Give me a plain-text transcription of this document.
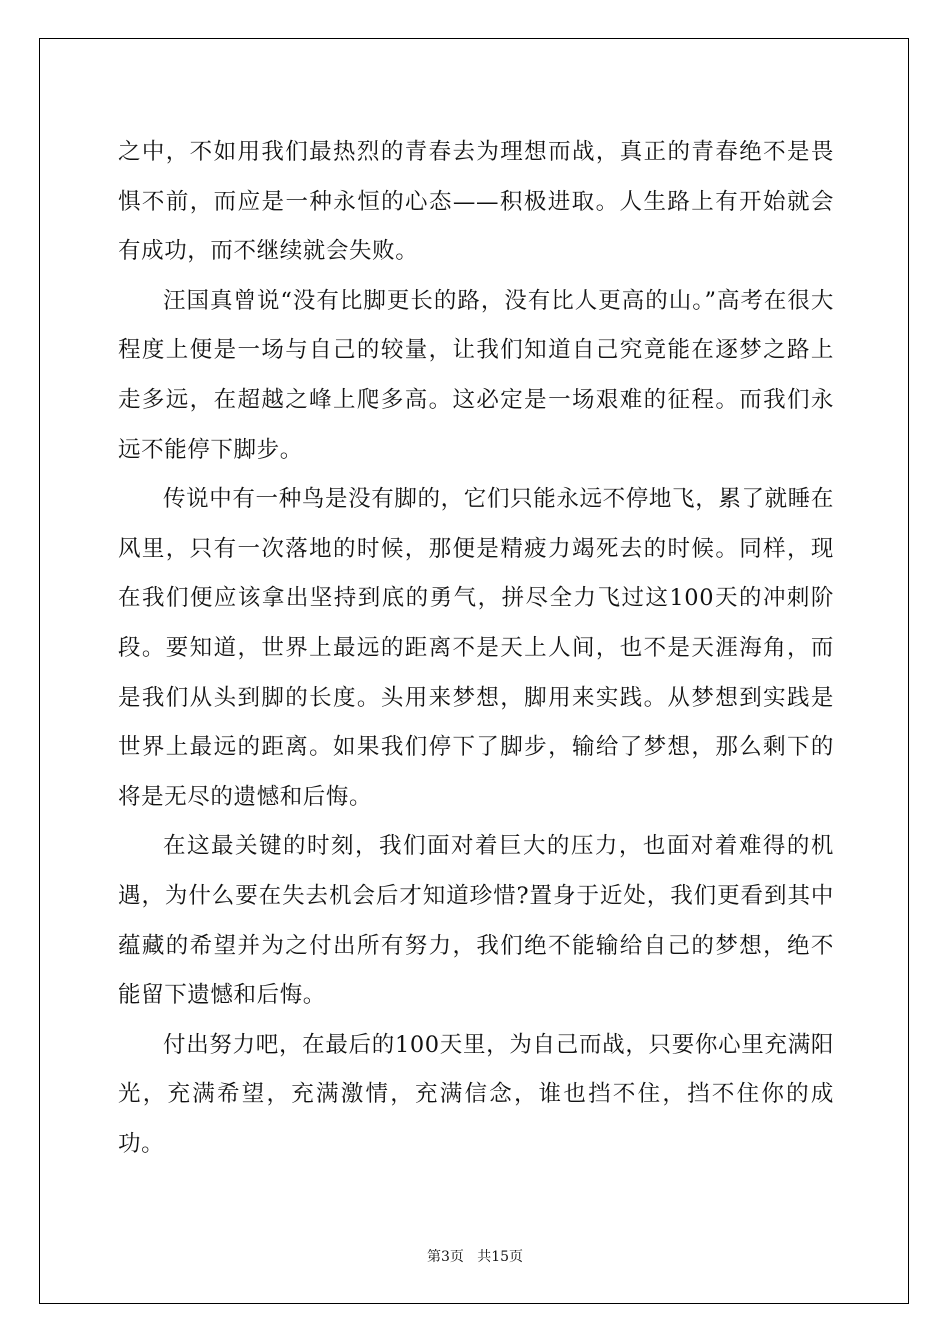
之中，不如用我们最热烈的青春去为理想而战，真正的青春绝不是畏惧不前，而应是一种永恒的心态——积极进取。人生路上有开始就会有成功，而不继续就会失败。

汪国真曾说“没有比脚更长的路，没有比人更高的山。”高考在很大程度上便是一场与自己的较量，让我们知道自己究竟能在逐梦之路上走多远，在超越之峰上爬多高。这必定是一场艰难的征程。而我们永远不能停下脚步。

传说中有一种鸟是没有脚的，它们只能永远不停地飞，累了就睡在风里，只有一次落地的时候，那便是精疲力竭死去的时候。同样，现在我们便应该拿出坚持到底的勇气，拼尽全力飞过这100天的冲刺阶段。要知道，世界上最远的距离不是天上人间，也不是天涯海角，而是我们从头到脚的长度。头用来梦想，脚用来实践。从梦想到实践是世界上最远的距离。如果我们停下了脚步，输给了梦想，那么剩下的将是无尽的遗憾和后悔。

在这最关键的时刻，我们面对着巨大的压力，也面对着难得的机遇，为什么要在失去机会后才知道珍惜?置身于近处，我们更看到其中蕴藏的希望并为之付出所有努力，我们绝不能输给自己的梦想，绝不能留下遗憾和后悔。

付出努力吧，在最后的100天里，为自己而战，只要你心里充满阳光，充满希望，充满激情，充满信念，谁也挡不住，挡不住你的成功。

第3页   共15页
